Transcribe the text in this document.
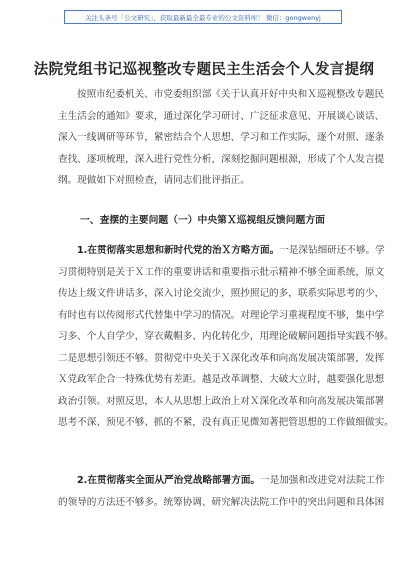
关注头条号「公文研究」，获取最新最全最专业的公文资料库！ 微信：gongwenyj
法院党组书记巡视整改专题民主生活会个人发言提纲
按照市纪委机关、市党委组织部《关于认真开好中央和Ｘ巡视整改专题民
主生活会的通知》要求，通过深化学习研讨、广泛征求意见、开展谈心谈话、
深入一线调研等环节，紧密结合个人思想、学习和工作实际，逐个对照、逐条
查找、逐项梳理，深入进行党性分析，深刻挖掘问题根源，形成了个人发言提
纲。现做如下对照检查，请同志们批评指正。
一、查摆的主要问题（一）中央第Ｘ巡视组反馈问题方面
1.在贯彻落实思想和新时代党的治Ｘ方略方面。一是深钻细研还不够。学
习贯彻特别是关于Ｘ工作的重要讲话和重要指示批示精神不够全面系统，原文
传达上级文件讲话多，深入讨论交流少，照抄照记的多，联系实际思考的少，
有时也有以传阅形式代替集中学习的情况。对理论学习重视程度不够，集中学
习多、个人自学少，穿衣戴帽多、内化转化少，用理论破解问题指导实践不够。
二是思想引领还不够。贯彻党中央关于Ｘ深化改革和向高发展决策部署，发挥
Ｘ党政军企合一特殊优势有差距。越是改革调整、大破大立时，越要强化思想
政治引领。对照反思，本人从思想上政治上对Ｘ深化改革和向高发展决策部署
思考不深、预见不够、抓的不紧，没有真正见微知著把管思想的工作做细做实。
2.在贯彻落实全面从严治党战略部署方面。一是加强和改进党对法院工作
的领导的方法还不够多。统筹协调、研究解决法院工作中的突出问题和具体困
